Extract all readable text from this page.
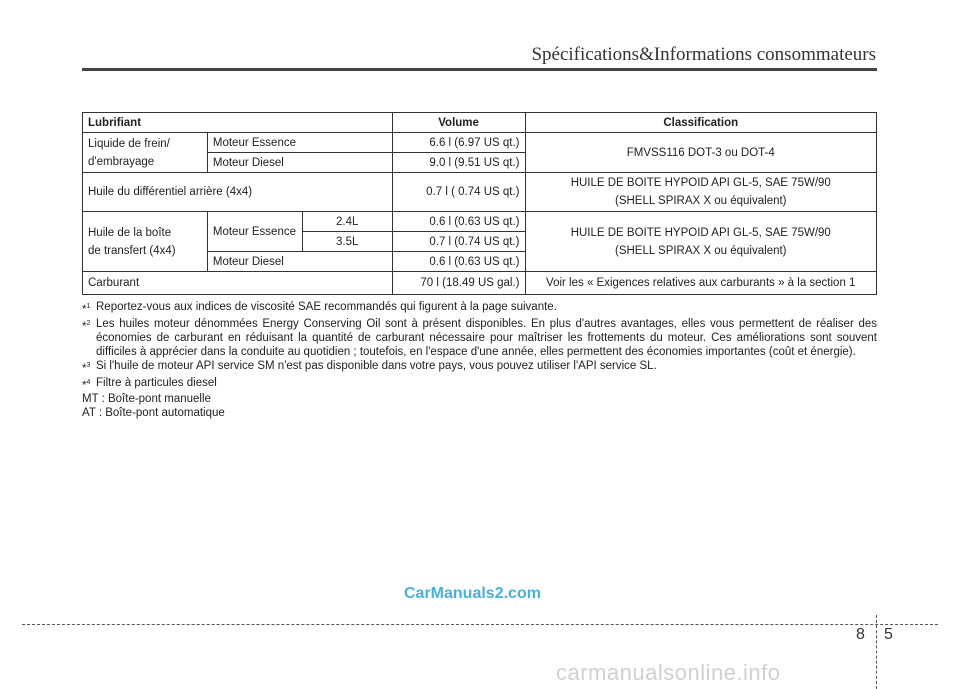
Spécifications&Informations consommateurs
Lubrifiant			Volume	Classification
Liquide de frein/
d'embrayage	Moteur Essence		6.6 l (6.97 US qt.)	FMVSS116 DOT-3 ou DOT-4
	Moteur Diesel		9.0 l (9.51 US qt.)	
Huile du différentiel arrière (4x4)			0.7 l ( 0.74 US qt.)	HUILE DE BOITE HYPOID API GL-5, SAE 75W/90
(SHELL SPIRAX X ou équivalent)
Huile de la boîte
de transfert (4x4)	Moteur Essence	2.4L	0.6 l (0.63 US qt.)	HUILE DE BOITE HYPOID API GL-5, SAE 75W/90
(SHELL SPIRAX X ou équivalent)
		3.5L	0.7 l (0.74 US qt.)	
	Moteur Diesel		0.6 l (0.63 US qt.)	
Carburant			70 l (18.49 US gal.)	Voir les « Exigences relatives aux carburants » à la section 1
*$^1$ Reportez-vous aux indices de viscosité SAE recommandés qui figurent à la page suivante.
*$^2$ Les huiles moteur dénommées Energy Conserving Oil sont à présent disponibles. En plus d'autres avantages, elles vous permettent de réaliser des économies de carburant en réduisant la quantité de carburant nécessaire pour maîtriser les frottements du moteur. Ces améliorations sont souvent difficiles à apprécier dans la conduite au quotidien ; toutefois, en l'espace d'une année, elles permettent des économies importantes (coût et énergie).
*$^3$ Si l'huile de moteur API service SM n'est pas disponible dans votre pays, vous pouvez utiliser l'API service SL.
*$^4$ Filtre à particules diesel
MT : Boîte-pont manuelle
AT : Boîte-pont automatique
CarManuals2.com
8 5
carmanualsonline.info
